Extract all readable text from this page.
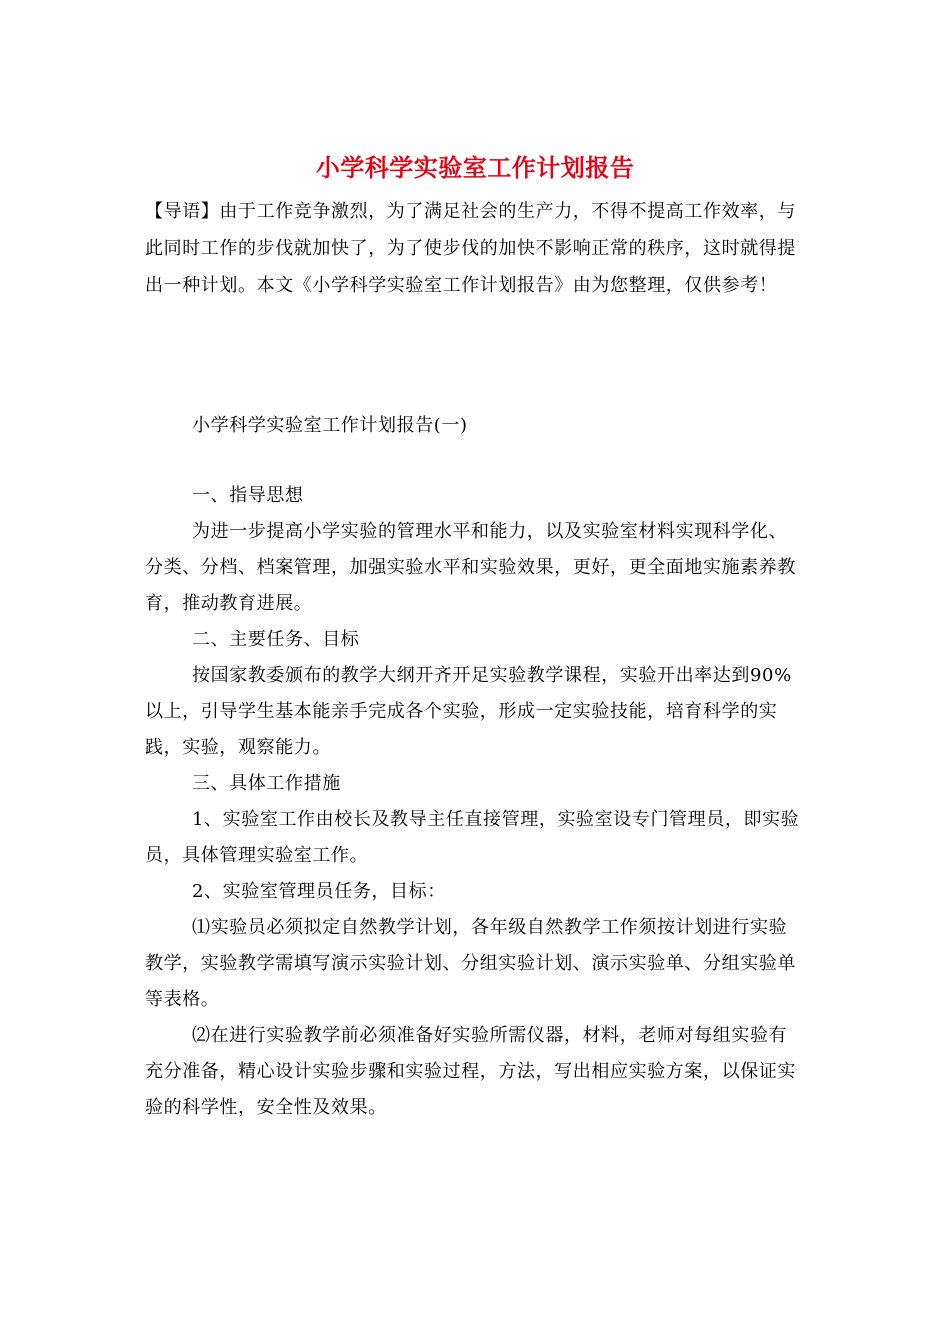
小学科学实验室工作计划报告

【导语】由于工作竞争激烈，为了满足社会的生产力，不得不提高工作效率，与此同时工作的步伐就加快了，为了使步伐的加快不影响正常的秩序，这时就得提出一种计划。本文《小学科学实验室工作计划报告》由为您整理，仅供参考！

小学科学实验室工作计划报告(一)

一、指导思想

为进一步提高小学实验的管理水平和能力，以及实验室材料实现科学化、分类、分档、档案管理，加强实验水平和实验效果，更好，更全面地实施素养教育，推动教育进展。

二、主要任务、目标

按国家教委颁布的教学大纲开齐开足实验教学课程，实验开出率达到90%以上，引导学生基本能亲手完成各个实验，形成一定实验技能，培育科学的实践，实验，观察能力。

三、具体工作措施

1、实验室工作由校长及教导主任直接管理，实验室设专门管理员，即实验员，具体管理实验室工作。

2、实验室管理员任务，目标：

⑴实验员必须拟定自然教学计划，各年级自然教学工作须按计划进行实验教学，实验教学需填写演示实验计划、分组实验计划、演示实验单、分组实验单等表格。

⑵在进行实验教学前必须准备好实验所需仪器，材料，老师对每组实验有充分准备，精心设计实验步骤和实验过程，方法，写出相应实验方案，以保证实验的科学性，安全性及效果。
